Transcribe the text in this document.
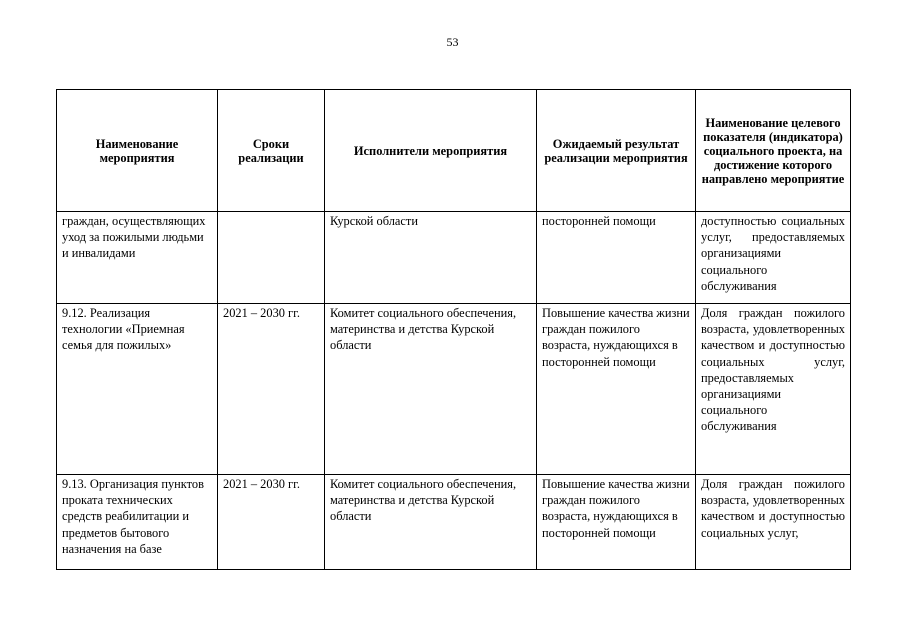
53
Наименование мероприятия	Сроки реализации	Исполнители мероприятия	Ожидаемый результат реализации мероприятия	Наименование целевого показателя (индикатора) социального проекта, на достижение которого направлено мероприятие
граждан, осуществляющих уход за пожилыми людьми и инвалидами		Курской области	посторонней помощи	доступностью социальных услуг, предоставляемых организациями социального обслуживания
9.12. Реализация технологии «Приемная семья для пожилых»	2021 – 2030 гг.	Комитет социального обеспечения, материнства и детства Курской области	Повышение качества жизни граждан пожилого возраста, нуждающихся в посторонней помощи	Доля граждан пожилого возраста, удовлетворенных качеством и доступностью социальных услуг, предоставляемых организациями социального обслуживания
9.13. Организация пунктов проката технических средств реабилитации и предметов бытового назначения на базе	2021 – 2030 гг.	Комитет социального обеспечения, материнства и детства Курской области	Повышение качества жизни граждан пожилого возраста, нуждающихся в посторонней помощи	Доля граждан пожилого возраста, удовлетворенных качеством и доступностью социальных услуг,
